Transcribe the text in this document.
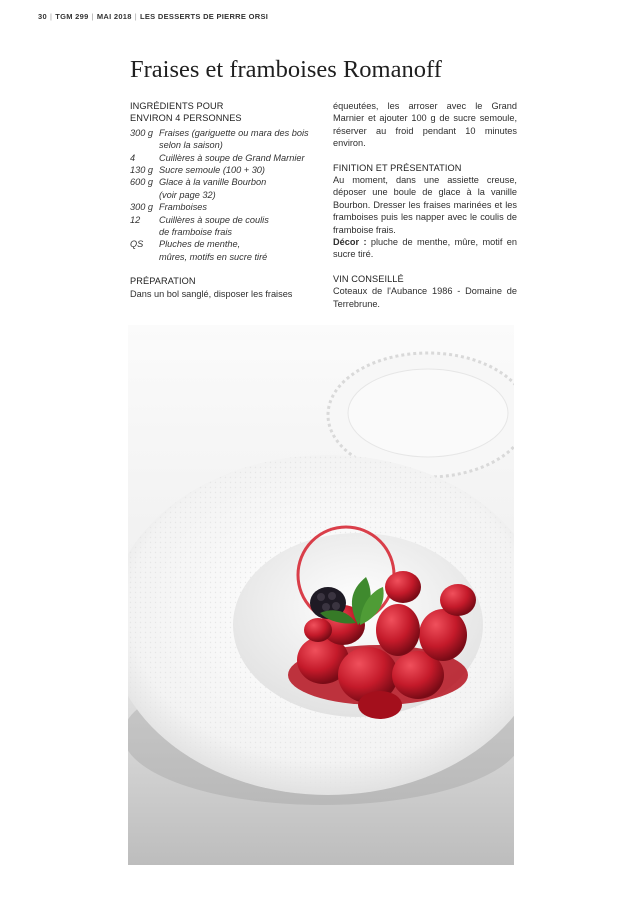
30 | TGM 299 | MAI 2018 | LES DESSERTS DE PIERRE ORSI
Fraises et framboises Romanoff
INGRÉDIENTS POUR
ENVIRON 4 PERSONNES
300 g Fraises (gariguette ou mara des bois
selon la saison)
4	Cuillères à soupe de Grand Marnier
130 g Sucre semoule (100 + 30)
600 g Glace à la vanille Bourbon
(voir page 32)
300 g Framboises
12	Cuillères à soupe de coulis
de framboise frais
QS	Pluches de menthe,
mûres, motifs en sucre tiré
PRÉPARATION

Dans un bol sanglé, disposer les fraises

équeutées, les arroser avec le Grand Marnier et ajouter 100 g de sucre semoule, réserver au froid pendant 10 minutes environ.

FINITION ET PRÉSENTATION

Au moment, dans une assiette creuse, déposer une boule de glace à la vanille Bourbon. Dresser les fraises marinées et les framboises puis les napper avec le coulis de framboise frais.

Décor : pluche de menthe, mûre, motif en sucre tiré.

VIN CONSEILLÉ

Coteaux de l'Aubance 1986 - Domaine de Terrebrune.
